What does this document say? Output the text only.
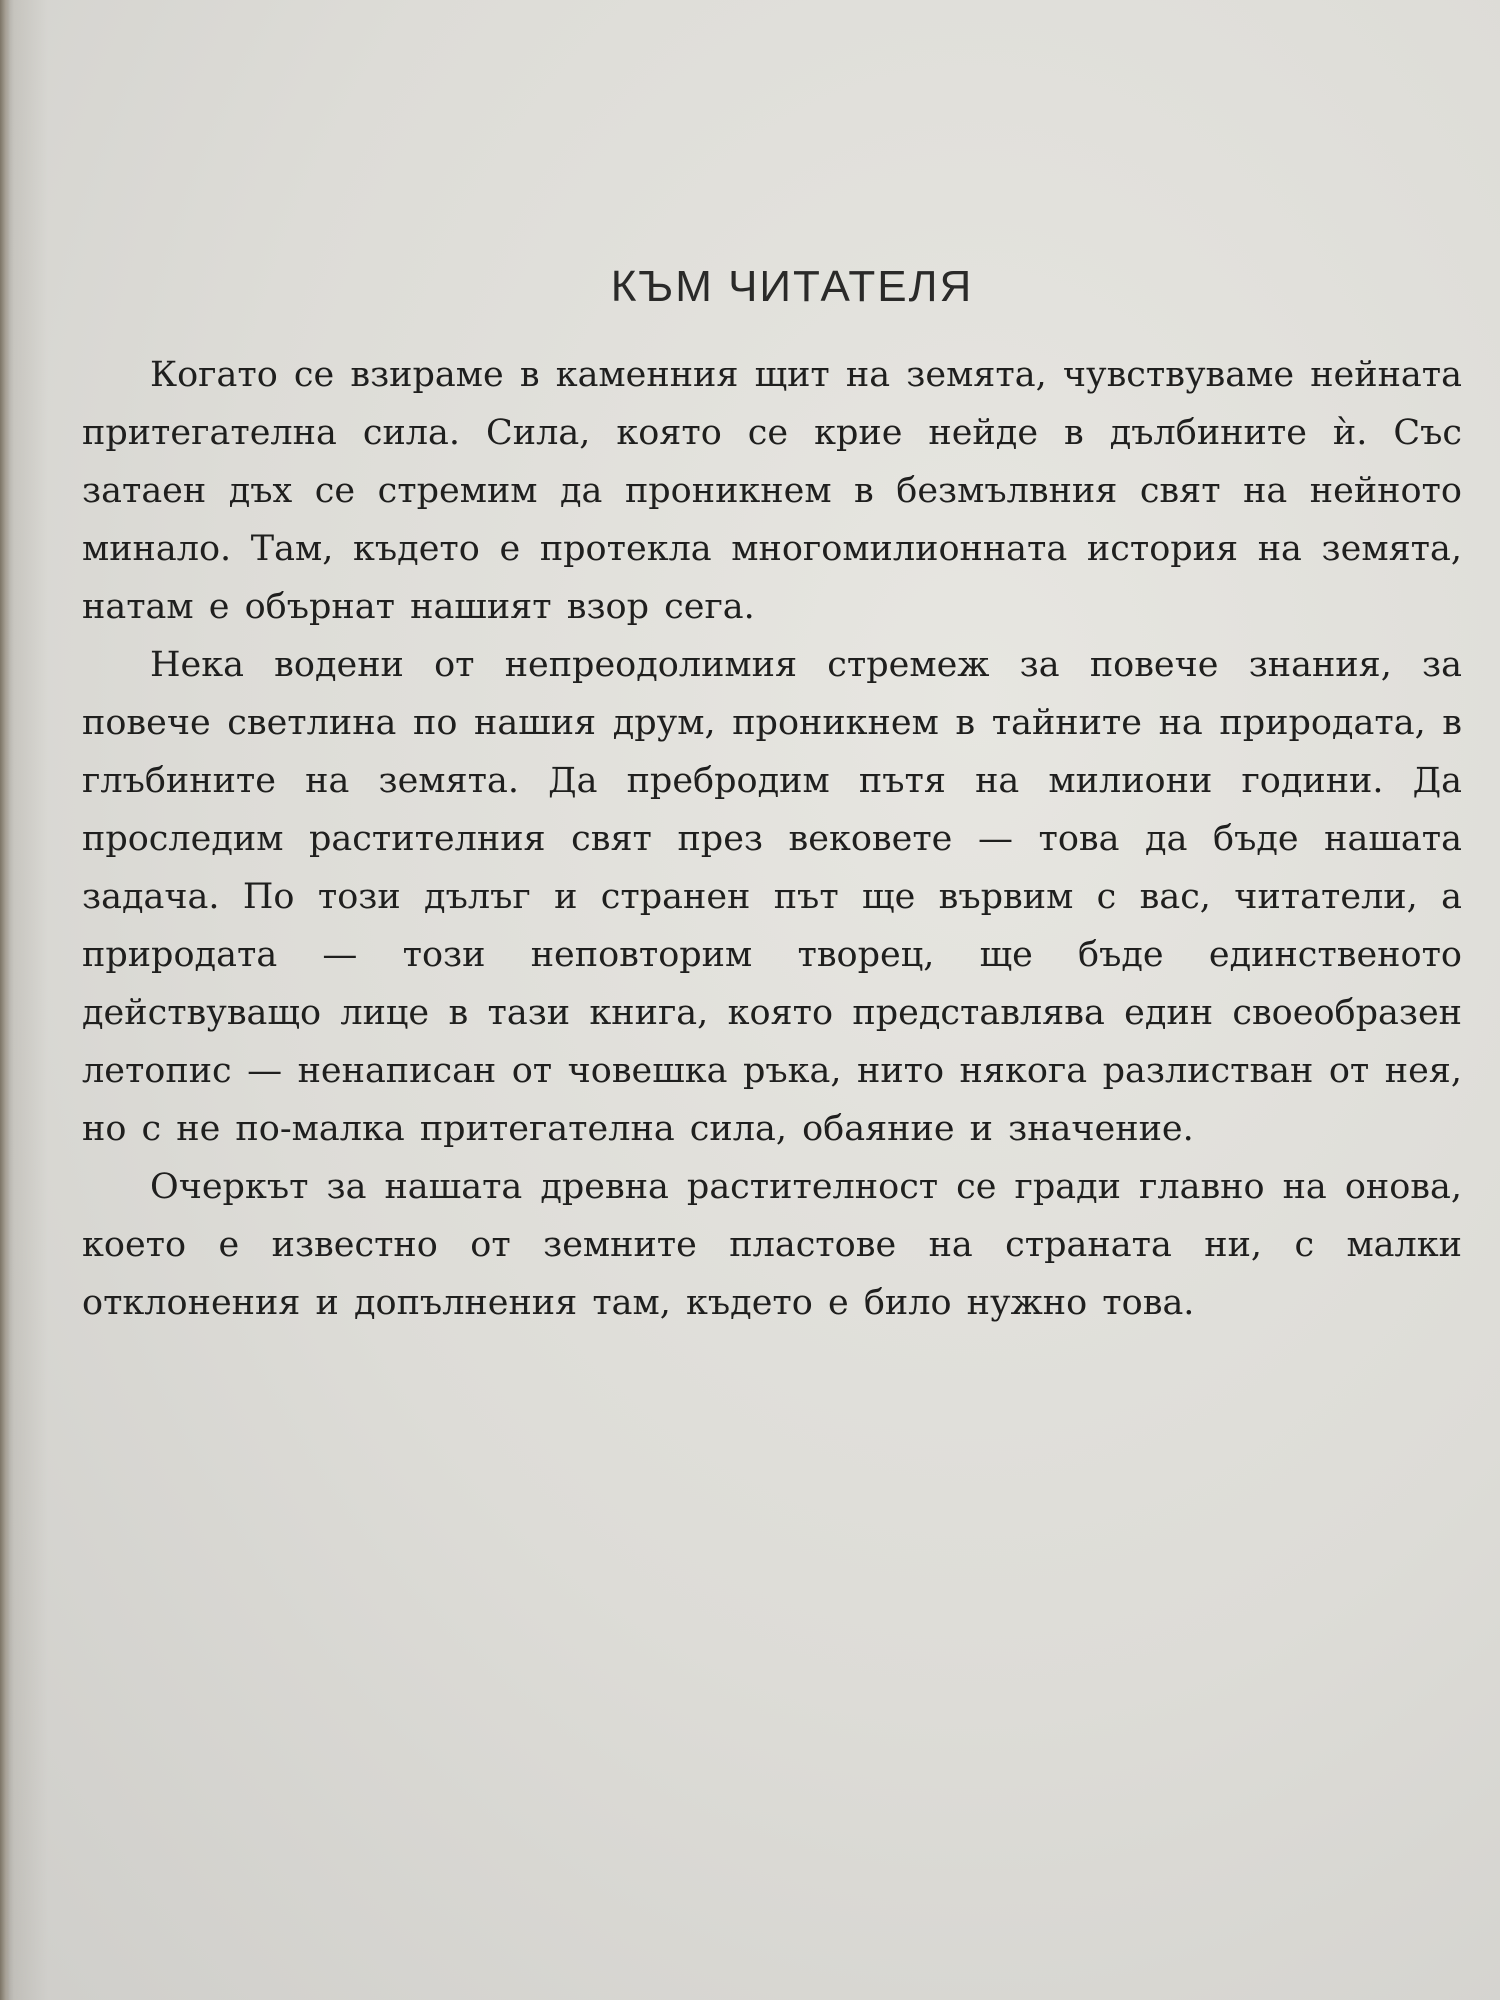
КЪМ ЧИТАТЕЛЯ

Когато се взираме в каменния щит на земята, чувствуваме нейната притегателна сила. Сила, която се крие нейде в дълбините ѝ. Със затаен дъх се стремим да проникнем в безмълвния свят на нейното минало. Там, където е протекла многомилионната история на земята, натам е обърнат нашият взор сега.

Нека водени от непреодолимия стремеж за повече знания, за повече светлина по нашия друм, проникнем в тайните на природата, в глъбините на земята. Да пребродим пътя на милиони години. Да проследим растителния свят през вековете — това да бъде нашата задача. По този дълъг и странен път ще вървим с вас, читатели, а природата — този неповторим творец, ще бъде единственото действуващо лице в тази книга, която представлява един своеобразен летопис — ненаписан от човешка ръка, нито някога разлистван от нея, но с не по-малка притегателна сила, обаяние и значение.

Очеркът за нашата древна растителност се гради главно на онова, което е известно от земните пластове на страната ни, с малки отклонения и допълнения там, където е било нужно това.
